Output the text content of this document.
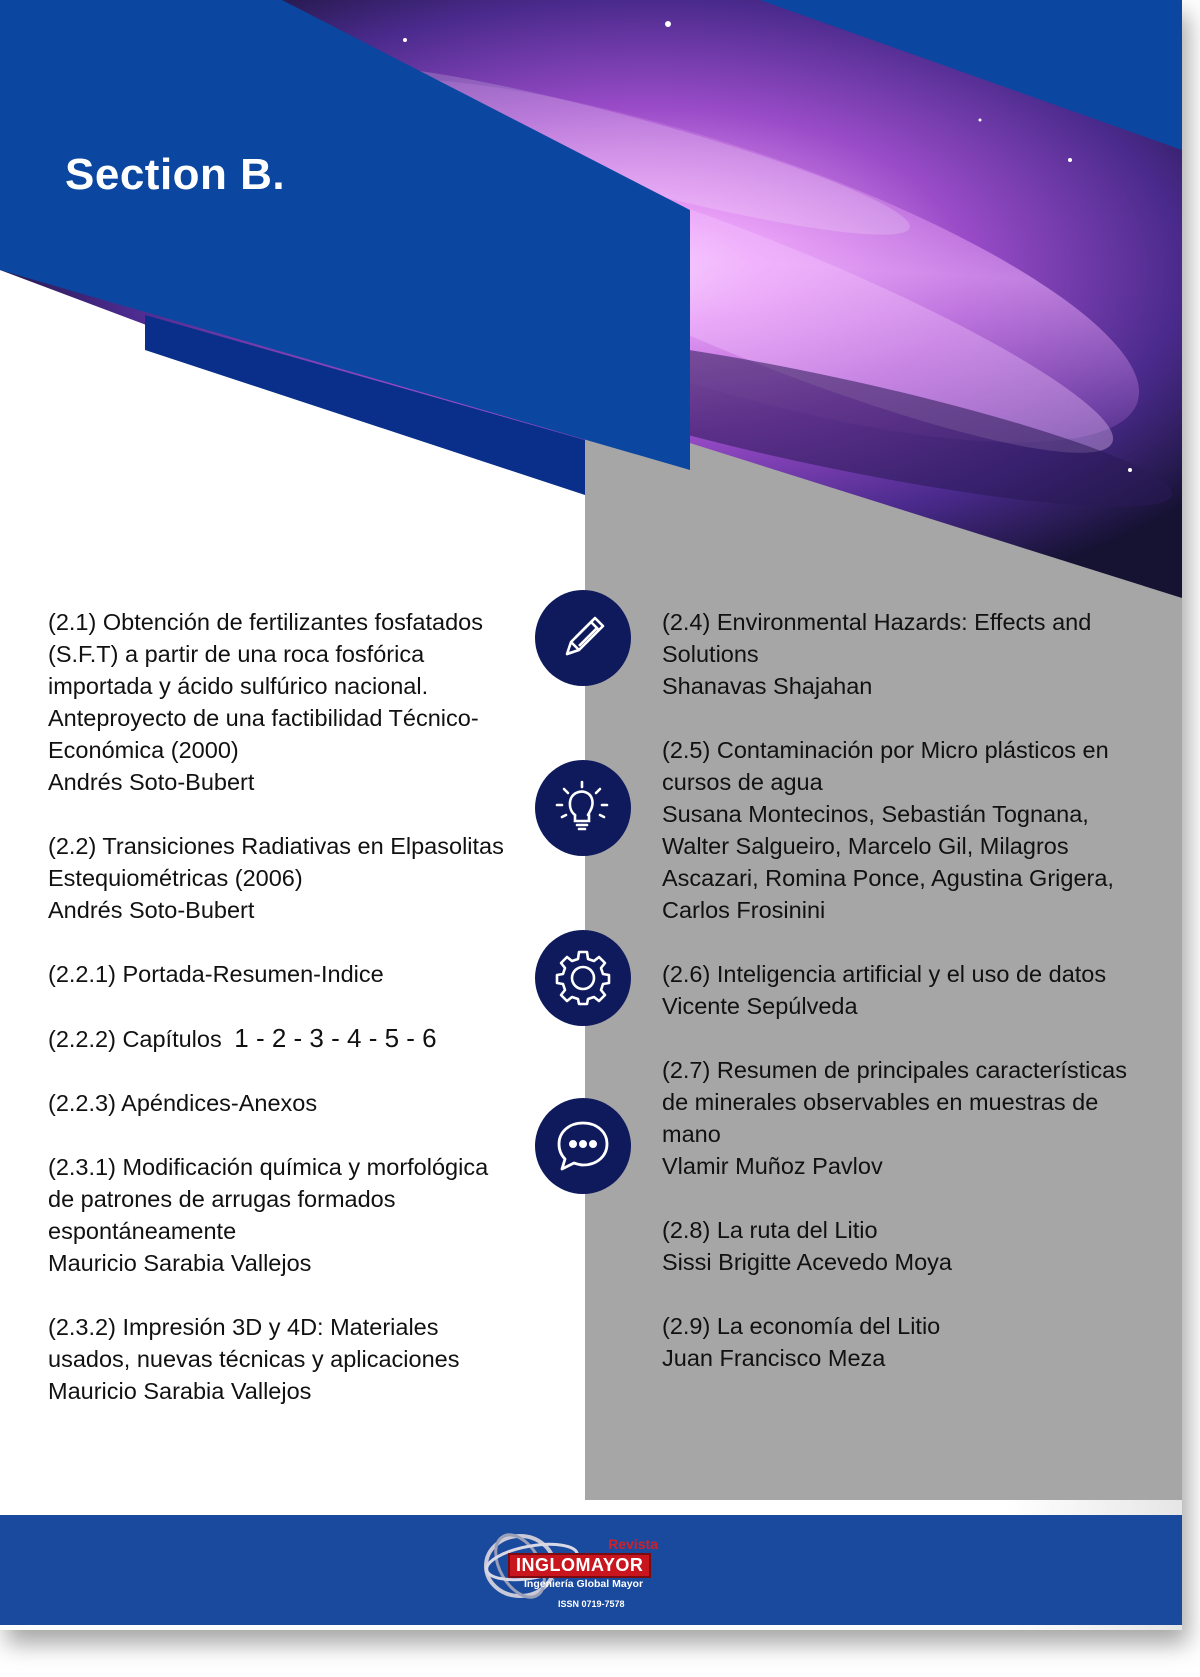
Section B.

(2.1) Obtención de fertilizantes fosfatados (S.F.T) a partir de una roca fosfórica importada y ácido sulfúrico nacional. Anteproyecto de una factibilidad Técnico-Económica (2000)

Andrés Soto-Bubert

(2.2) Transiciones Radiativas en Elpasolitas Estequiométricas (2006)

Andrés Soto-Bubert

(2.2.1) Portada-Resumen-Indice

(2.2.2) Capítulos 1 - 2 - 3 - 4 - 5 - 6

(2.2.3) Apéndices-Anexos

(2.3.1) Modificación química y morfológica de patrones de arrugas formados espontáneamente

Mauricio Sarabia Vallejos

(2.3.2) Impresión 3D y 4D: Materiales usados, nuevas técnicas y aplicaciones

Mauricio Sarabia Vallejos

(2.4) Environmental Hazards: Effects and Solutions

Shanavas Shajahan

(2.5) Contaminación por Micro plásticos en cursos de agua

Susana Montecinos, Sebastián Tognana, Walter Salgueiro, Marcelo Gil, Milagros Ascazari, Romina Ponce, Agustina Grigera, Carlos Frosinini

(2.6) Inteligencia artificial y el uso de datos

Vicente Sepúlveda

(2.7) Resumen de principales características de minerales observables en muestras de mano

Vlamir Muñoz Pavlov

(2.8) La ruta del Litio

Sissi Brigitte Acevedo Moya

(2.9) La economía del Litio

Juan Francisco Meza

Revista
INGLOMAYOR
Ingeniería Global Mayor
ISSN 0719-7578
